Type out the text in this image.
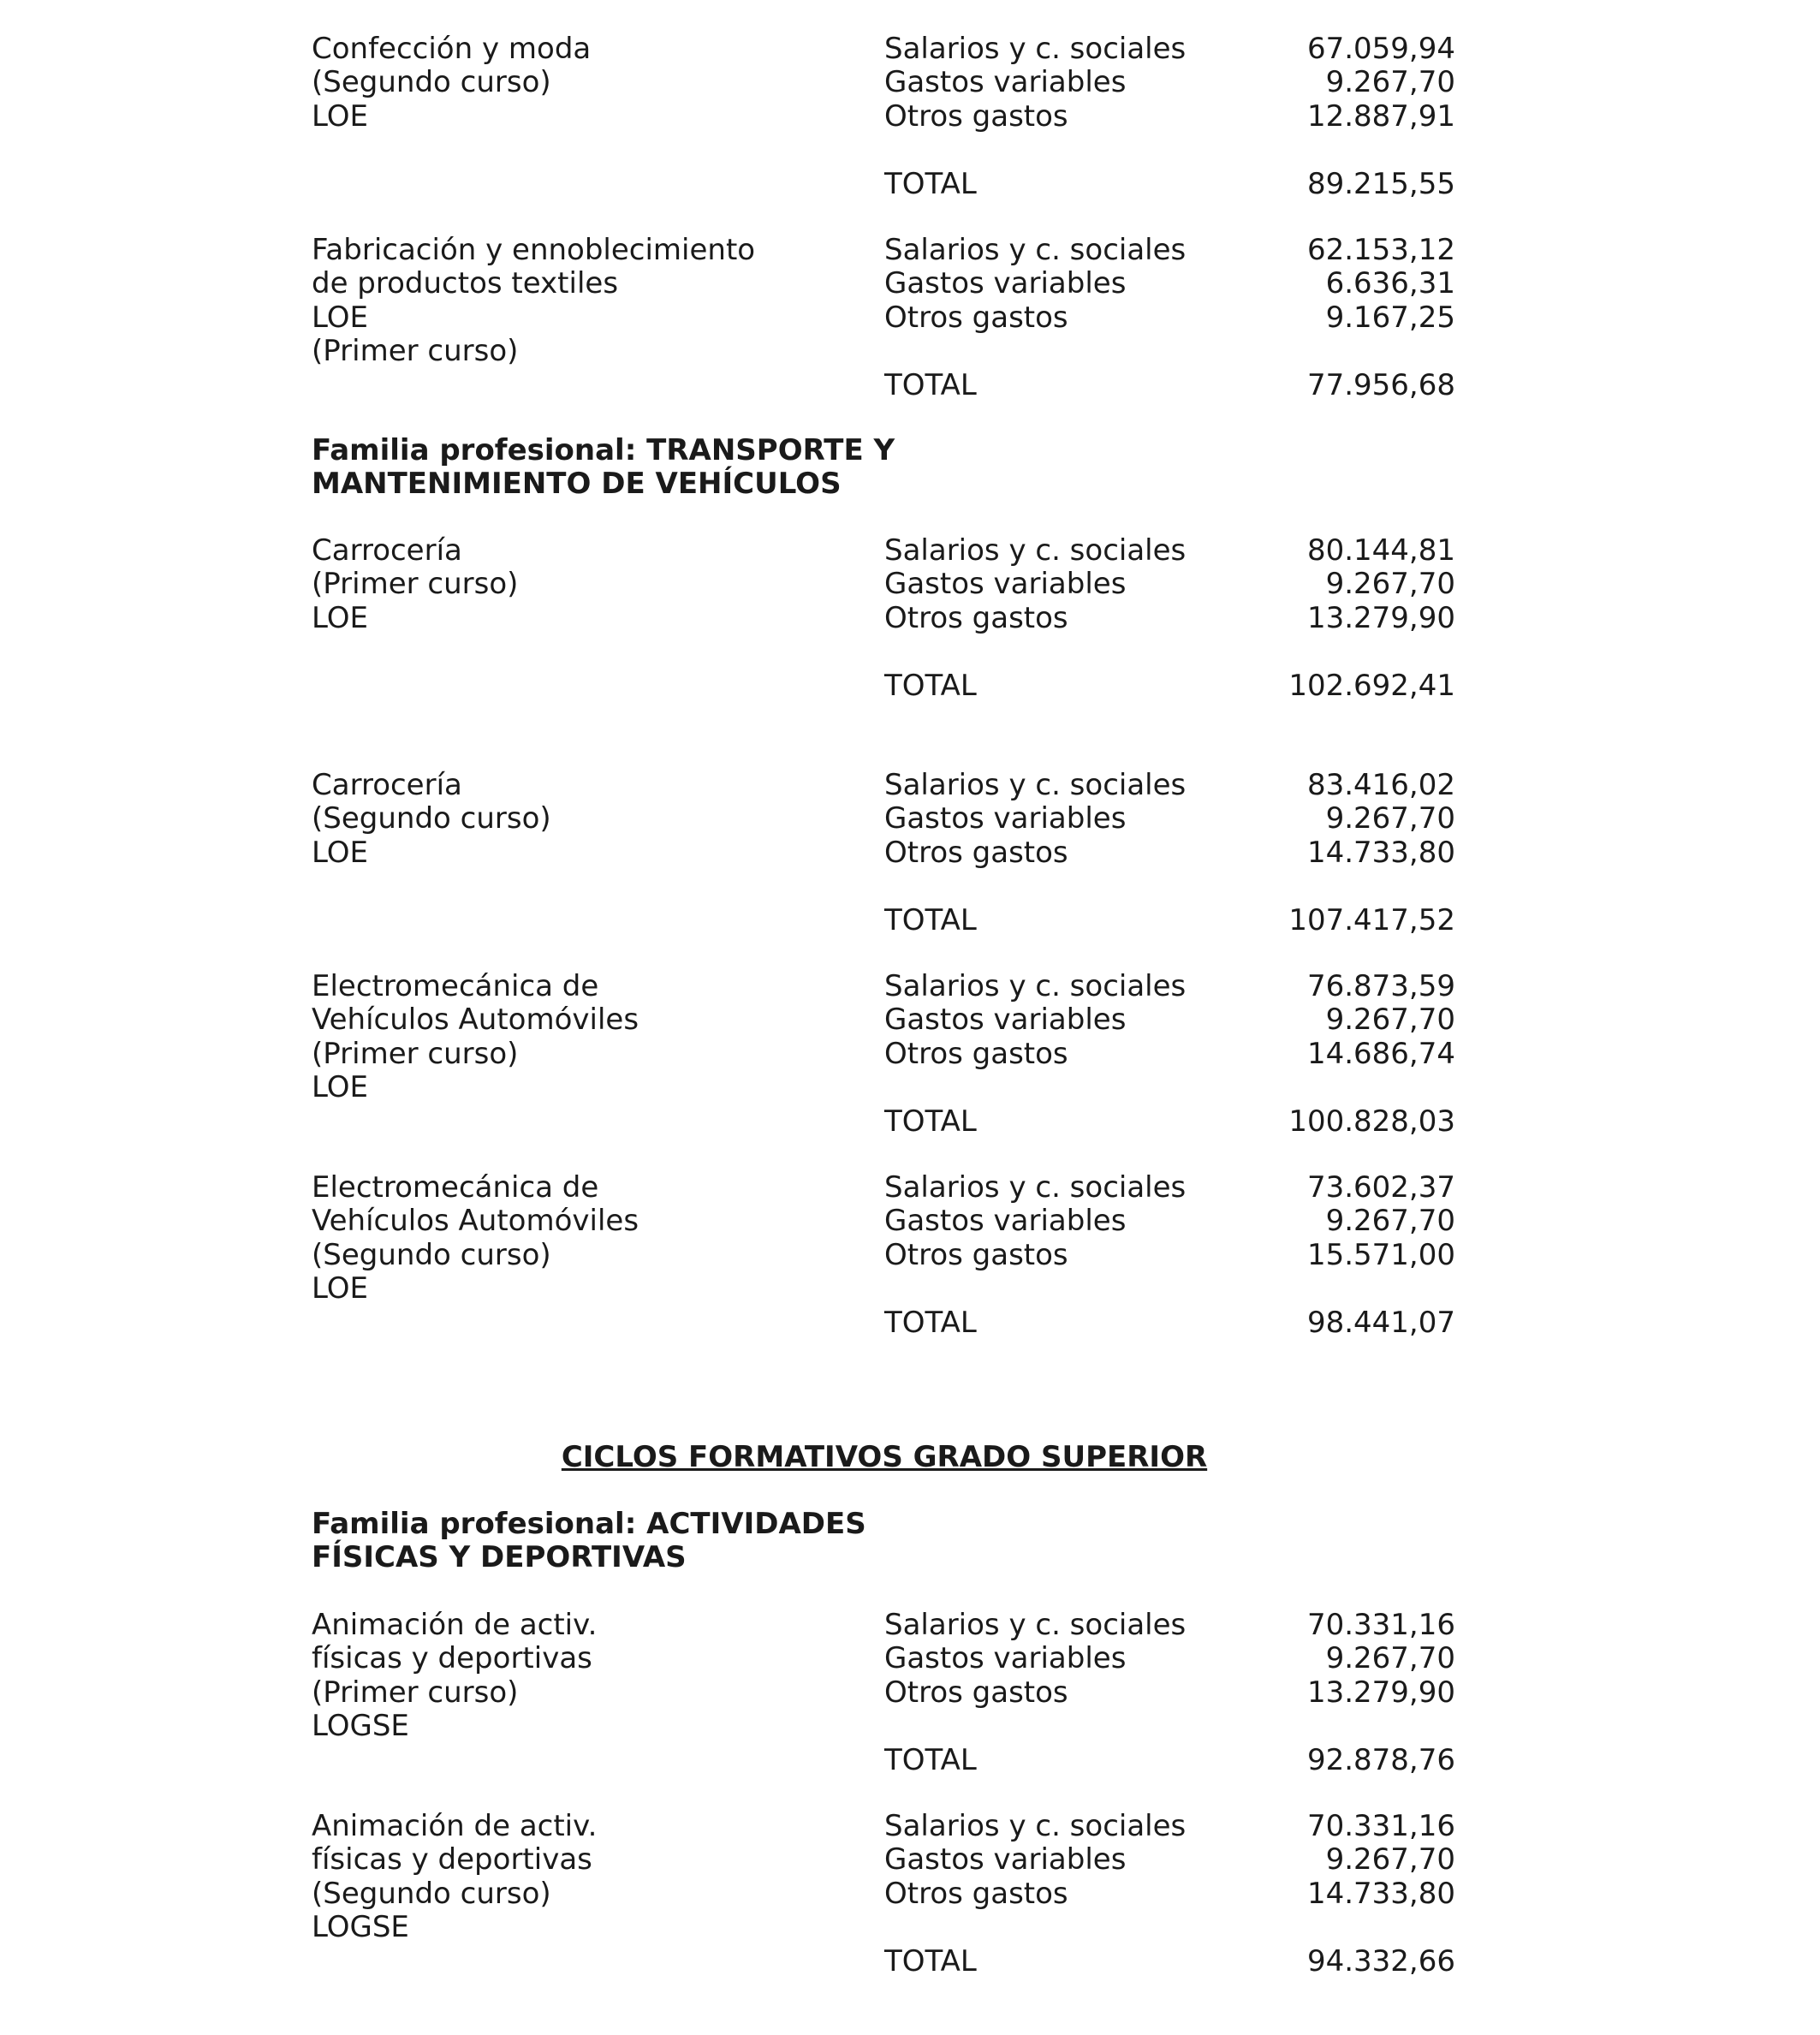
Confección y moda
(Segundo curso)
LOE
Salarios y c. sociales	67.059,94
Gastos variables	9.267,70
Otros gastos	12.887,91
TOTAL	89.215,55
Fabricación y ennoblecimiento
de productos textiles
LOE
(Primer curso)
Salarios y c. sociales	62.153,12
Gastos variables	6.636,31
Otros gastos	9.167,25
TOTAL	77.956,68
Familia profesional: TRANSPORTE Y
MANTENIMIENTO DE VEHÍCULOS
Carrocería
(Primer curso)
LOE
Salarios y c. sociales	80.144,81
Gastos variables	9.267,70
Otros gastos	13.279,90
TOTAL	102.692,41
Carrocería
(Segundo curso)
LOE
Salarios y c. sociales	83.416,02
Gastos variables	9.267,70
Otros gastos	14.733,80
TOTAL	107.417,52
Electromecánica de
Vehículos Automóviles
(Primer curso)
LOE
Salarios y c. sociales	76.873,59
Gastos variables	9.267,70
Otros gastos	14.686,74
TOTAL	100.828,03
Electromecánica de
Vehículos Automóviles
(Segundo curso)
LOE
Salarios y c. sociales	73.602,37
Gastos variables	9.267,70
Otros gastos	15.571,00
TOTAL	98.441,07
CICLOS FORMATIVOS GRADO SUPERIOR
Familia profesional: ACTIVIDADES
FÍSICAS Y DEPORTIVAS
Animación de activ.
físicas y deportivas
(Primer curso)
LOGSE
Salarios y c. sociales	70.331,16
Gastos variables	9.267,70
Otros gastos	13.279,90
TOTAL	92.878,76
Animación de activ.
físicas y deportivas
(Segundo curso)
LOGSE
Salarios y c. sociales	70.331,16
Gastos variables	9.267,70
Otros gastos	14.733,80
TOTAL	94.332,66
